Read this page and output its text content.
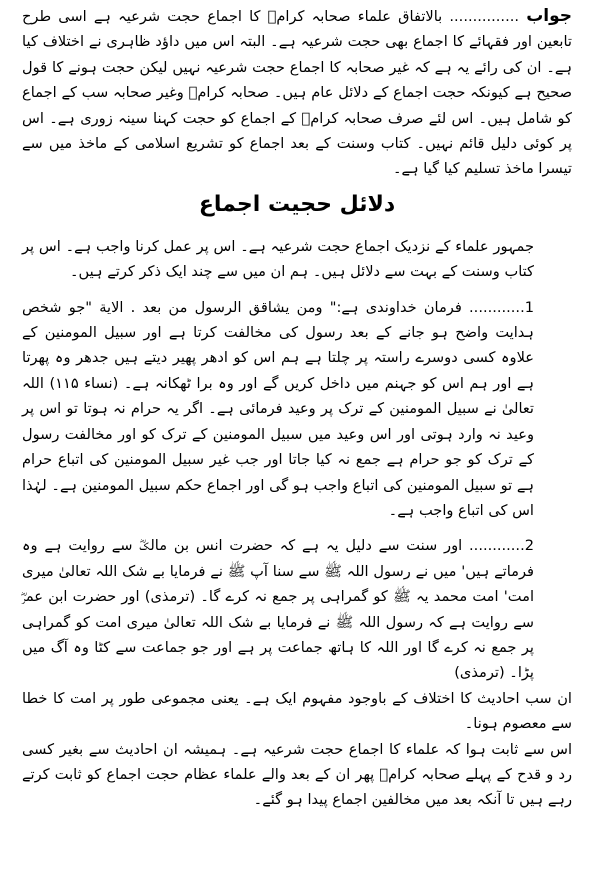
جواب ............... بالاتفاق علماء صحابہ کرامؓ کا اجماع حجت شرعیہ ہے اسی طرح تابعین اور فقہائے کا اجماع بھی حجت شرعیہ ہے۔ البتہ اس میں داؤد ظاہری نے اختلاف کیا ہے۔ ان کی رائے یہ ہے کہ غیر صحابہ کا اجماع حجت شرعیہ نہیں لیکن حجت ہونے کا قول صحیح ہے کیونکہ حجت اجماع کے دلائل عام ہیں۔ صحابہ کرامؓ وغیر صحابہ سب کے اجماع کو شامل ہیں۔ اس لئے صرف صحابہ کرامؓ کے اجماع کو حجت کہنا سینہ زوری ہے۔ اس پر کوئی دلیل قائم نہیں۔ کتاب وسنت کے بعد اجماع کو تشریع اسلامی کے ماخذ میں سے تیسرا ماخذ تسلیم کیا گیا ہے۔

دلائل حجیت اجماع

جمہور علماء کے نزدیک اجماع حجت شرعیہ ہے۔ اس پر عمل کرنا واجب ہے۔ اس پر کتاب وسنت کے بہت سے دلائل ہیں۔ ہم ان میں سے چند ایک ذکر کرتے ہیں۔

1............ فرمان خداوندی ہے:" ومن يشاقق الرسول من بعد . الاية "جو شخص ہدایت واضح ہو جانے کے بعد رسول کی مخالفت کرتا ہے اور سبیل المومنین کے علاوہ کسی دوسرے راستہ پر چلتا ہے ہم اس کو ادھر پھیر دیتے ہیں جدھر وہ پھرتا ہے اور ہم اس کو جہنم میں داخل کریں گے اور وہ برا ٹھکانہ ہے۔ (نساء ۱۱۵) اللہ تعالیٰ نے سبیل المومنین کے ترک پر وعید فرمائی ہے۔ اگر یہ حرام نہ ہوتا تو اس پر وعید نہ وارد ہوتی اور اس وعید میں سبیل المومنین کے ترک کو اور مخالفت رسول کے ترک کو جو حرام ہے جمع نہ کیا جاتا اور جب غیر سبیل المومنین کی اتباع حرام ہے تو سبیل المومنین کی اتباع واجب ہو گی اور اجماع حکم سبیل المومنین ہے۔ لہٰذا اس کی اتباع واجب ہے۔

2............ اور سنت سے دلیل یہ ہے کہ حضرت انس بن مالکؓ سے روایت ہے وہ فرماتے ہیں' میں نے رسول اللہ ﷺ سے سنا آپ ﷺ نے فرمایا بے شک اللہ تعالیٰ میری امت' امت محمد یہ ﷺ کو گمراہی پر جمع نہ کرے گا۔ (ترمذی) اور حضرت ابن عمرؓ سے روایت ہے کہ رسول اللہ ﷺ نے فرمایا بے شک اللہ تعالیٰ میری امت کو گمراہی پر جمع نہ کرے گا اور اللہ کا ہاتھ جماعت پر ہے اور جو جماعت سے کٹا وہ آگ میں پڑا۔ (ترمذی)

ان سب احادیث کا اختلاف کے باوجود مفہوم ایک ہے۔ یعنی مجموعی طور پر امت کا خطا سے معصوم ہونا۔

اس سے ثابت ہوا کہ علماء کا اجماع حجت شرعیہ ہے۔ ہمیشہ ان احادیث سے بغیر کسی رد و قدح کے پہلے صحابہ کرامؓ پھر ان کے بعد والے علماء عظام حجت اجماع کو ثابت کرتے رہے ہیں تا آنکہ بعد میں مخالفین اجماع پیدا ہو گئے۔
